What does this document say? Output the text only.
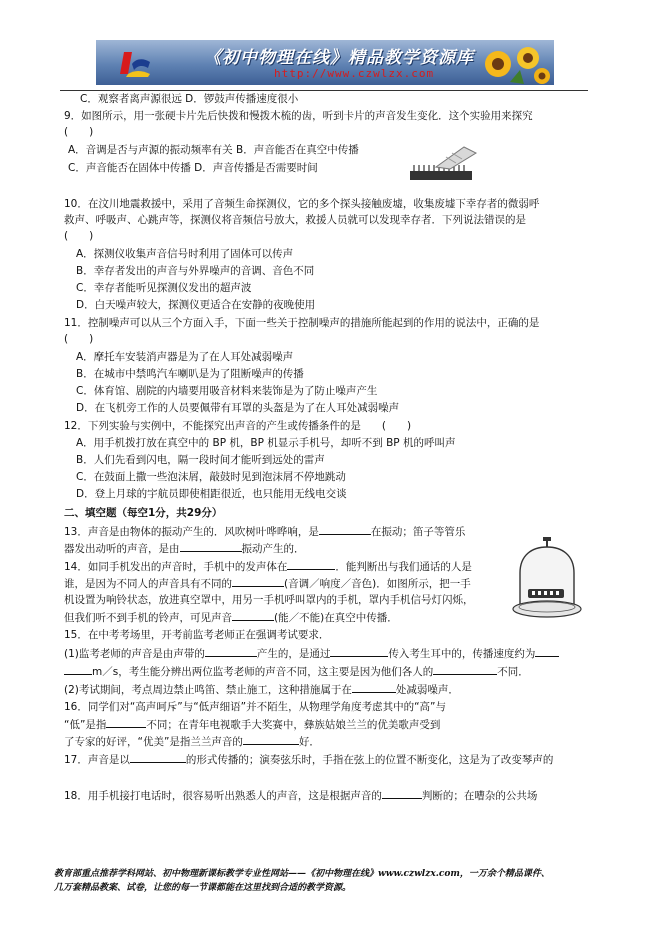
《初中物理在线》精品教学资源库
http://www.czwlzx.com
C．观察者离声源很远 D．锣鼓声传播速度很小
9．如图所示，用一张硬卡片先后快拨和慢拨木梳的齿，听到卡片的声音发生变化．这个实验用来探究
(　　)
A．音调是否与声源的振动频率有关 B．声音能否在真空中传播
C．声音能否在固体中传播 D．声音传播是否需要时间
10．在汶川地震救援中，采用了音频生命探测仪，它的多个探头接触废墟，收集废墟下幸存者的微弱呼
救声、呼吸声、心跳声等，探测仪将音频信号放大，救援人员就可以发现幸存者．下列说法错误的是
(　　)
A．探测仪收集声音信号时利用了固体可以传声
B．幸存者发出的声音与外界噪声的音调、音色不同
C．幸存者能听见探测仪发出的超声波
D．白天噪声较大，探测仪更适合在安静的夜晚使用
11．控制噪声可以从三个方面入手，下面一些关于控制噪声的措施所能起到的作用的说法中，正确的是
(　　)
A．摩托车安装消声器是为了在人耳处减弱噪声
B．在城市中禁鸣汽车喇叭是为了阻断噪声的传播
C．体育馆、剧院的内墙要用吸音材料来装饰是为了防止噪声产生
D．在飞机旁工作的人员要佩带有耳罩的头盔是为了在人耳处减弱噪声
12．下列实验与实例中，不能探究出声音的产生或传播条件的是　　(　　)
A．用手机拨打放在真空中的 BP 机，BP 机显示手机号，却听不到 BP 机的呼叫声
B．人们先看到闪电，隔一段时间才能听到远处的雷声
C．在鼓面上撒一些泡沫屑，敲鼓时见到泡沫屑不停地跳动
D．登上月球的宇航员即使相距很近，也只能用无线电交谈
二、填空题（每空1分，共29分）
13．声音是由物体的振动产生的．风吹树叶哗哗响，是	在振动；笛子等管乐
器发出动听的声音，是由	振动产生的．
14．如同手机发出的声音时，手机中的发声体在	．能判断出与我们通话的人是
谁，是因为不同人的声音具有不同的	(音调／响度／音色)．如图所示，把一手
机设置为响铃状态，放进真空罩中，用另一手机呼叫罩内的手机，罩内手机信号灯闪烁，
但我们听不到手机的铃声，可见声音	(能／不能)在真空中传播．
15．在中考考场里，开考前监考老师正在强调考试要求．
(1)监考老师的声音是由声带的	产生的，是通过	传入考生耳中的，传播速度约为
m／s，考生能分辨出两位监考老师的声音不同，这主要是因为他们各人的	不同．
(2)考试期间，考点周边禁止鸣笛、禁止施工，这种措施属于在	处减弱噪声．
16．同学们对“高声呵斥”与“低声细语”并不陌生，从物理学角度考虑其中的“高”与
“低”是指	不同；在青年电视歌手大奖赛中，彝族姑娘兰兰的优美歌声受到
了专家的好评，“优美”是指兰兰声音的	好．
17．声音是以	的形式传播的；演奏弦乐时，手指在弦上的位置不断变化，这是为了改变琴声的
18．用手机接打电话时，很容易听出熟悉人的声音，这是根据声音的	判断的；在嘈杂的公共场
教育部重点推荐学科网站、初中物理新课标教学专业性网站——《初中物理在线》www.czwlzx.com，一万余个精品课件、
几万套精品教案、试卷，让您的每一节课都能在这里找到合适的教学资源。
